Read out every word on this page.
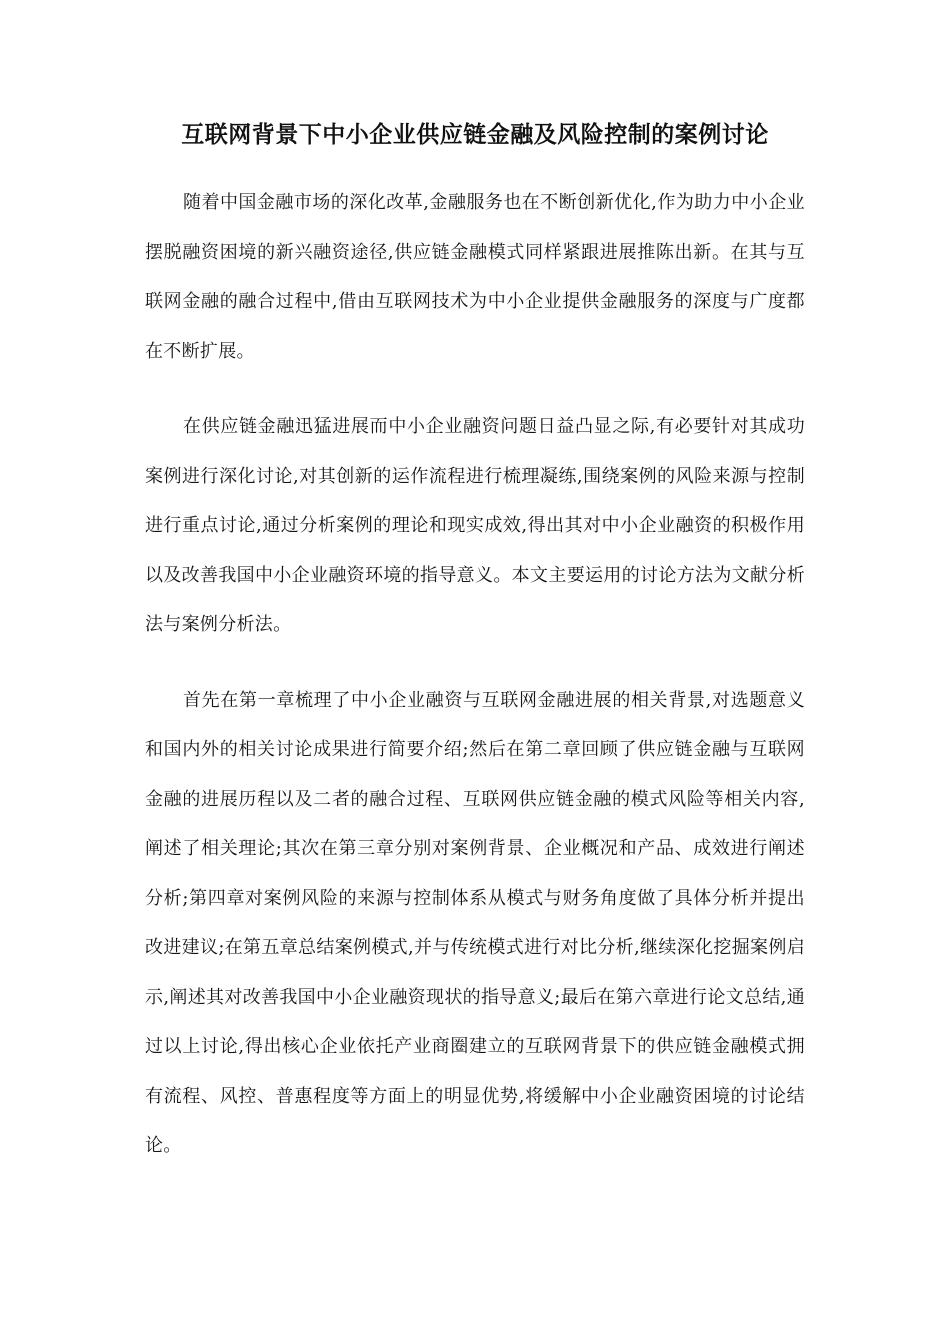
互联网背景下中小企业供应链金融及风险控制的案例讨论

随着中国金融市场的深化改革,金融服务也在不断创新优化,作为助力中小企业摆脱融资困境的新兴融资途径,供应链金融模式同样紧跟进展推陈出新。在其与互联网金融的融合过程中,借由互联网技术为中小企业提供金融服务的深度与广度都在不断扩展。

在供应链金融迅猛进展而中小企业融资问题日益凸显之际,有必要针对其成功案例进行深化讨论,对其创新的运作流程进行梳理凝练,围绕案例的风险来源与控制进行重点讨论,通过分析案例的理论和现实成效,得出其对中小企业融资的积极作用以及改善我国中小企业融资环境的指导意义。本文主要运用的讨论方法为文献分析法与案例分析法。

首先在第一章梳理了中小企业融资与互联网金融进展的相关背景,对选题意义和国内外的相关讨论成果进行简要介绍;然后在第二章回顾了供应链金融与互联网金融的进展历程以及二者的融合过程、互联网供应链金融的模式风险等相关内容,阐述了相关理论;其次在第三章分别对案例背景、企业概况和产品、成效进行阐述分析;第四章对案例风险的来源与控制体系从模式与财务角度做了具体分析并提出改进建议;在第五章总结案例模式,并与传统模式进行对比分析,继续深化挖掘案例启示,阐述其对改善我国中小企业融资现状的指导意义;最后在第六章进行论文总结,通过以上讨论,得出核心企业依托产业商圈建立的互联网背景下的供应链金融模式拥有流程、风控、普惠程度等方面上的明显优势,将缓解中小企业融资困境的讨论结论。
